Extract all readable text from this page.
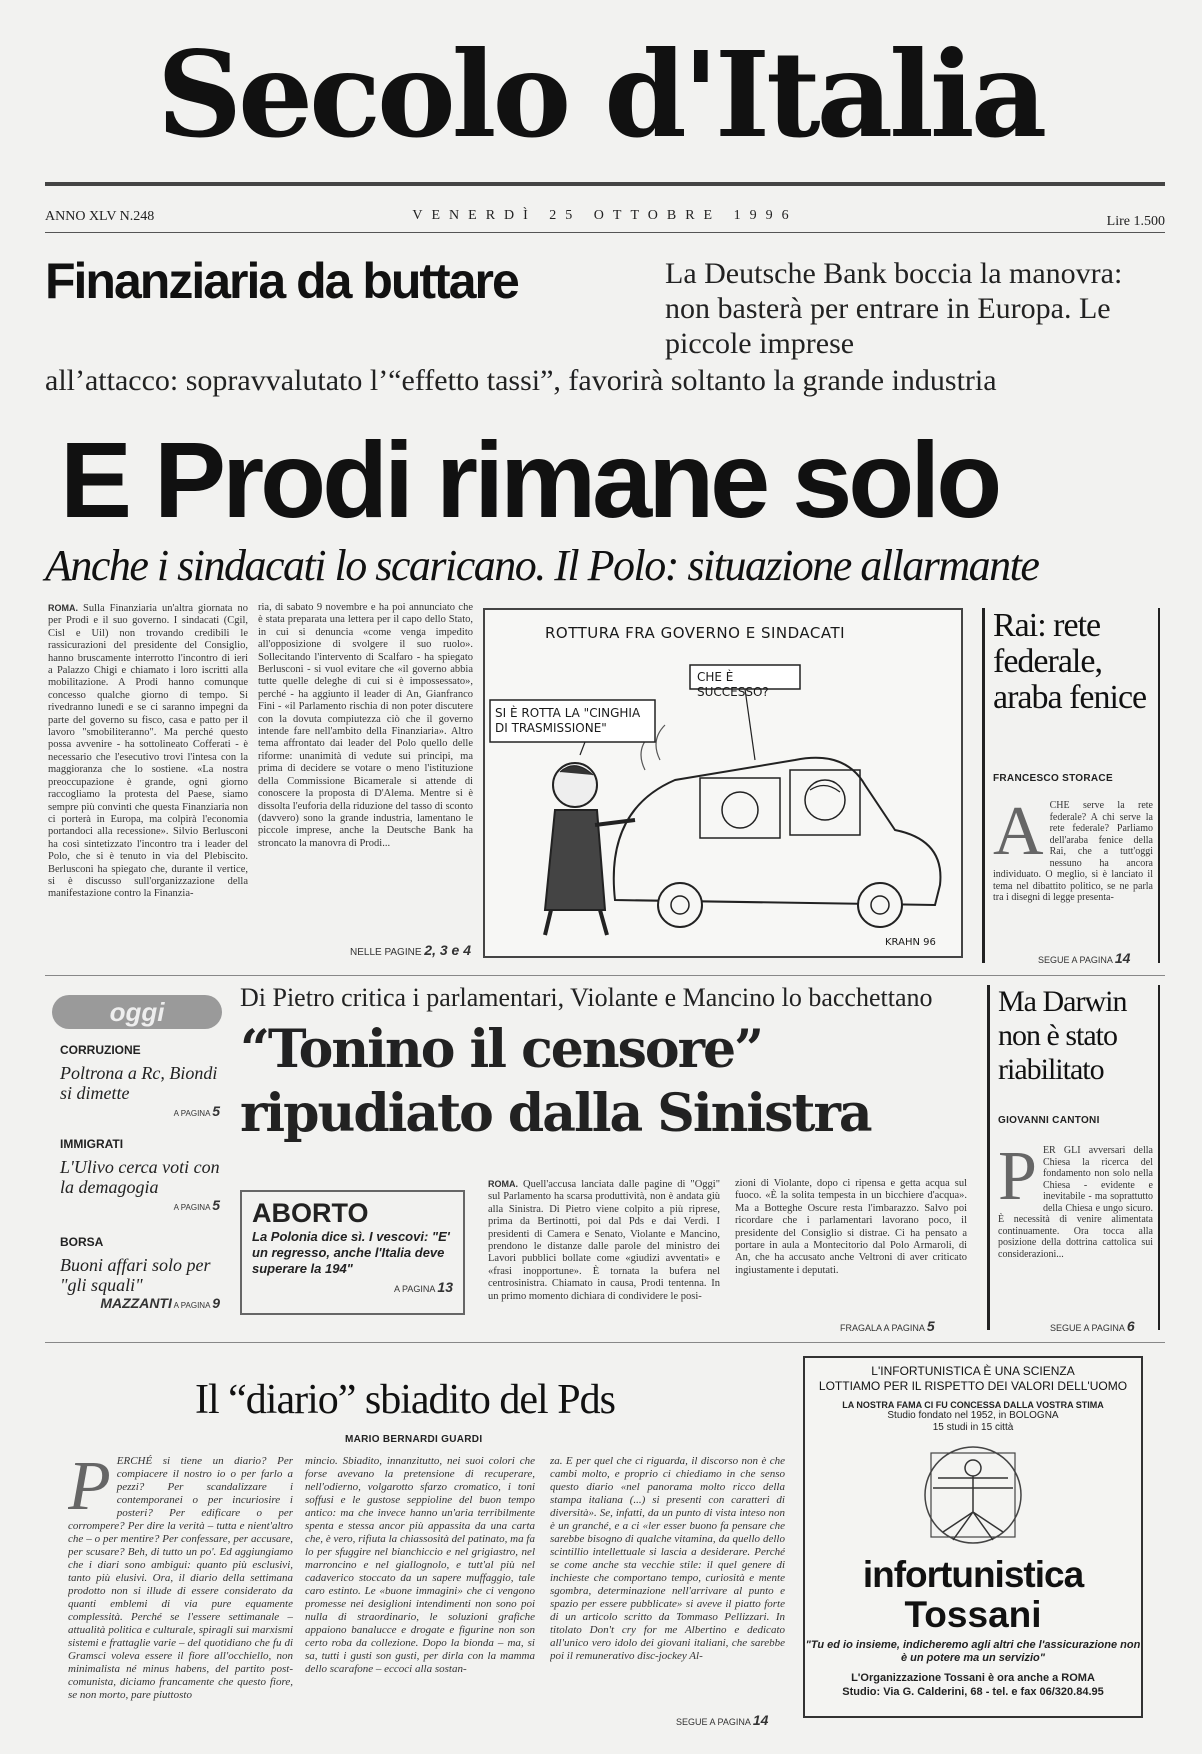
Secolo d'Italia
ANNO XLV N.248	VENERDÌ 25 OTTOBRE 1996	Lire 1.500
Finanziaria da buttare	La Deutsche Bank boccia la manovra: non basterà per entrare in Europa. Le piccole imprese
all’attacco: sopravvalutato l’“effetto tassi”, favorirà soltanto la grande industria
E Prodi rimane solo
Anche i sindacati lo scaricano. Il Polo: situazione allarmante
ROMA. Sulla Finanziaria un'altra giornata no per Prodi e il suo governo. I sindacati (Cgil, Cisl e Uil) non trovando credibili le rassicurazioni del presidente del Consiglio, hanno bruscamente interrotto l'incontro di ieri a Palazzo Chigi e chiamato i loro iscritti alla mobilitazione. A Prodi hanno comunque concesso qualche giorno di tempo. Si rivedranno lunedì e se ci saranno impegni da parte del governo su fisco, casa e patto per il lavoro "smobiliteranno". Ma perché questo possa avvenire - ha sottolineato Cofferati - è necessario che l'esecutivo trovi l'intesa con la maggioranza che lo sostiene. «La nostra preoccupazione è grande, ogni giorno raccogliamo la protesta del Paese, siamo sempre più convinti che questa Finanziaria non ci porterà in Europa, ma colpirà l'economia portandoci alla recessione». Silvio Berlusconi ha così sintetizzato l'incontro tra i leader del Polo, che si è tenuto in via del Plebiscito. Berlusconi ha spiegato che, durante il vertice, si è discusso sull'organizzazione della manifestazione contro la Finanzia-
ria, di sabato 9 novembre e ha poi annunciato che è stata preparata una lettera per il capo dello Stato, in cui si denuncia «come venga impedito all'opposizione di svolgere il suo ruolo». Sollecitando l'intervento di Scalfaro - ha spiegato Berlusconi - si vuol evitare che «il governo abbia tutte quelle deleghe di cui si è impossessato», perché - ha aggiunto il leader di An, Gianfranco Fini - «il Parlamento rischia di non poter discutere con la dovuta compiutezza ciò che il governo intende fare nell'ambito della Finanziaria». Altro tema affrontato dai leader del Polo quello delle riforme: unanimità di vedute sui principi, ma prima di decidere se votare o meno l'istituzione della Commissione Bicamerale si attende di conoscere la proposta di D'Alema. Mentre si è dissolta l'euforia della riduzione del tasso di sconto (davvero) sono la grande industria, lamentano le piccole imprese, anche la Deutsche Bank ha stroncato la manovra di Prodi...
NELLE PAGINE 2, 3 e 4
ROTTURA FRA GOVERNO E SINDACATI
SI È ROTTA LA "CINGHIA DI TRASMISSIONE"
CHE È SUCCESSO?
KRAHN 96
Rai: rete federale, araba fenice
FRANCESCO STORACE
A CHE serve la rete federale? A chi serve la rete federale? Parliamo dell'araba fenice della Rai, che a tutt'oggi nessuno ha ancora individuato. O meglio, si è lanciato il tema nel dibattito politico, se ne parla tra i disegni di legge presenta-
SEGUE A PAGINA 14
oggi
CORRUZIONE
Poltrona a Rc, Biondi si dimette
A PAGINA 5
IMMIGRATI
L'Ulivo cerca voti con la demagogia
A PAGINA 5
BORSA
Buoni affari solo per "gli squali"
MAZZANTI A PAGINA 9
Di Pietro critica i parlamentari, Violante e Mancino lo bacchettano
“Tonino il censore”
ripudiato dalla Sinistra
ABORTO
La Polonia dice sì. I vescovi: "E' un regresso, anche l'Italia deve superare la 194"
A PAGINA 13
ROMA. Quell'accusa lanciata dalle pagine di "Oggi" sul Parlamento ha scarsa produttività, non è andata giù alla Sinistra. Di Pietro viene colpito a più riprese, prima da Bertinotti, poi dal Pds e dai Verdi. I presidenti di Camera e Senato, Violante e Mancino, prendono le distanze dalle parole del ministro dei Lavori pubblici bollate come «giudizi avventati» e «frasi inopportune». È tornata la bufera nel centrosinistra. Chiamato in causa, Prodi tentenna. In un primo momento dichiara di condividere le posi-
zioni di Violante, dopo ci ripensa e getta acqua sul fuoco. «È la solita tempesta in un bicchiere d'acqua». Ma a Botteghe Oscure resta l'imbarazzo. Salvo poi ricordare che i parlamentari lavorano poco, il presidente del Consiglio si distrae. Ci ha pensato a portare in aula a Montecitorio dal Polo Armaroli, di An, che ha accusato anche Veltroni di aver criticato ingiustamente i deputati.
FRAGALA A PAGINA 5
Ma Darwin non è stato riabilitato
GIOVANNI CANTONI
P ER GLI avversari della Chiesa la ricerca del fondamento non solo nella Chiesa - evidente e inevitabile - ma soprattutto della Chiesa e ungo sicuro. È necessità di venire alimentata continuamente. Ora tocca alla posizione della dottrina cattolica sui considerazioni...
SEGUE A PAGINA 6
Il “diario” sbiadito del Pds
MARIO BERNARDI GUARDI
P ERCHÉ si tiene un diario? Per compiacere il nostro io o per farlo a pezzi? Per scandalizzare i contemporanei o per incuriosire i posteri? Per edificare o per corrompere? Per dire la verità – tutta e nient'altro che – o per mentire? Per confessare, per accusare, per scusare? Beh, di tutto un po'. Ed aggiungiamo che i diari sono ambigui: quanto più esclusivi, tanto più elusivi. Ora, il diario della settimana prodotto non si illude di essere considerato da quanti emblemi di via pure equamente complessità. Perché se l'essere settimanale – attualità politica e culturale, spiragli sui marxismi sistemi e frattaglie varie – del quotidiano che fu di Gramsci voleva essere il fiore all'occhiello, non minimalista né minus habens, del partito post-comunista, diciamo francamente che questo fiore, se non morto, pare piuttosto
mincio. Sbiadito, innanzitutto, nei suoi colori che forse avevano la pretensione di recuperare, nell'odierno, volgarotto sfarzo cromatico, i toni soffusi e le gustose seppioline del buon tempo antico: ma che invece hanno un'aria terribilmente spenta e stessa ancor più appassita da una carta che, è vero, rifiuta la chiassosità del patinato, ma fa lo per sfuggire nel bianchiccio e nel grigiastro, nel marroncino e nel giallognolo, e tutt'al più nel cadaverico stoccato da un sapere muffaggio, tale caro estinto. Le «buone immagini» che ci vengono promesse nei desiglioni intendimenti non sono poi nulla di straordinario, le soluzioni grafiche appaiono banalucce e drogate e figurine non son certo roba da collezione. Dopo la bionda – ma, si sa, tutti i gusti son gusti, per dirla con la mamma dello scarafone – eccoci alla sostan-
za. E per quel che ci riguarda, il discorso non è che cambi molto, e proprio ci chiediamo in che senso questo diario «nel panorama molto ricco della stampa italiana (...) si presenti con caratteri di diversità». Se, infatti, da un punto di vista inteso non è un granché, e a ci «ler esser buono fa pensare che sarebbe bisogno di qualche vitamina, da quello dello scintillio intellettuale si lascia a desiderare. Perché se come anche sta vecchie stile: il quel genere di inchieste che comportano tempo, curiosità e mente sgombra, determinazione nell'arrivare al punto e spazio per essere pubblicate» si aveve il piatto forte di un articolo scritto da Tommaso Pellizzari. In titolato Don't cry for me Albertino e dedicato all'unico vero idolo dei giovani italiani, che sarebbe poi il remunerativo disc-jockey Al-
SEGUE A PAGINA 14
L'INFORTUNISTICA È UNA SCIENZA
LOTTIAMO PER IL RISPETTO DEI VALORI DELL'UOMO
LA NOSTRA FAMA CI FU CONCESSA DALLA VOSTRA STIMA
Studio fondato nel 1952, in BOLOGNA
15 studi in 15 città
infortunistica
Tossani
"Tu ed io insieme, indicheremo agli altri che l'assicurazione non è un potere ma un servizio"
L'Organizzazione Tossani è ora anche a ROMA
Studio: Via G. Calderini, 68 - tel. e fax 06/320.84.95
